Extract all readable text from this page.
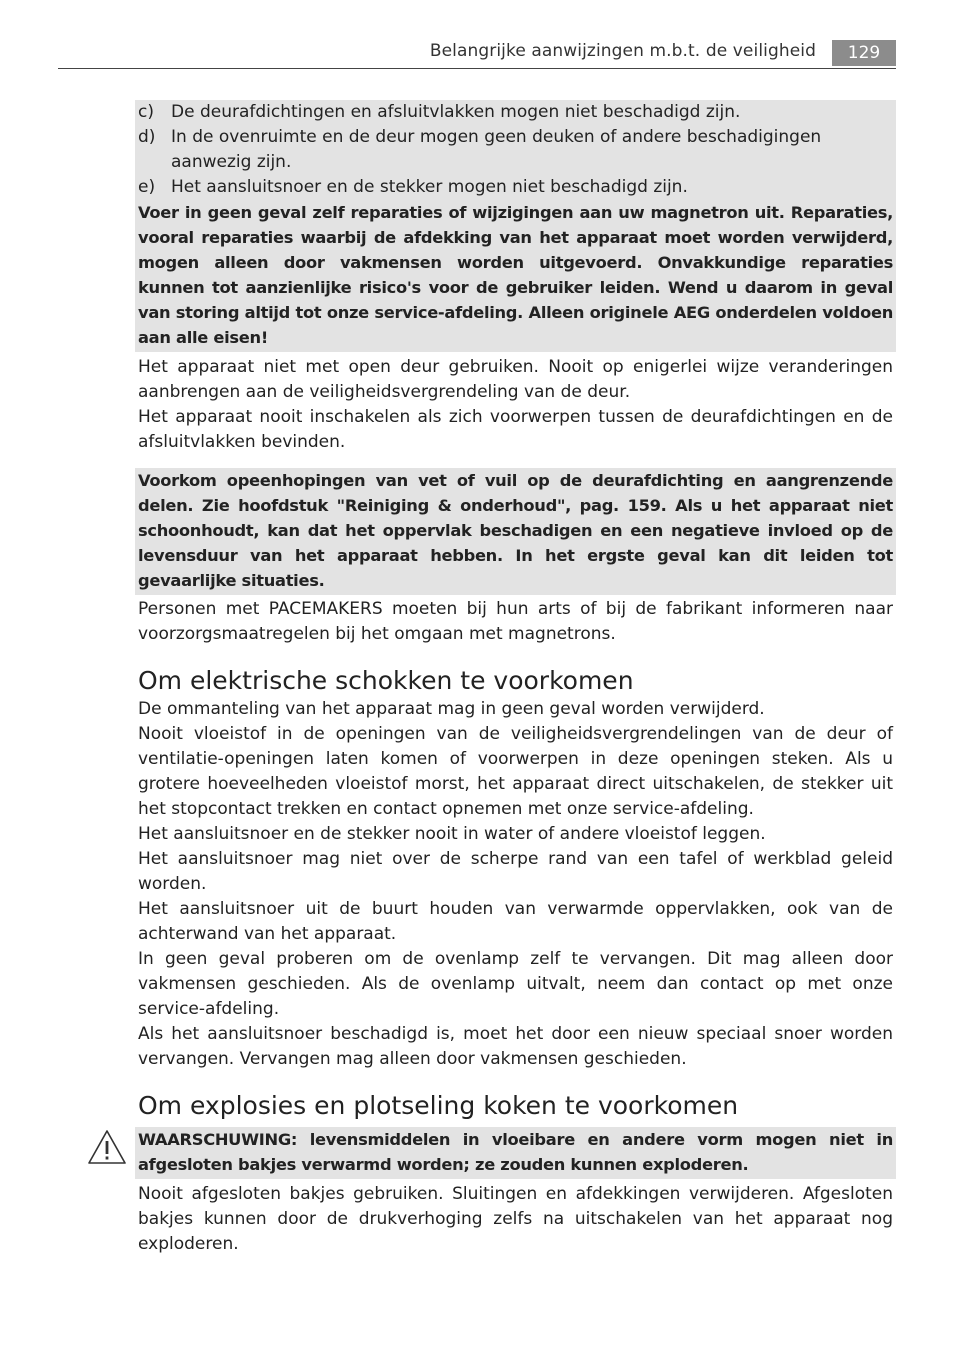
Belangrijke aanwijzingen m.b.t. de veiligheid	129
c)	De deurafdichtingen en afsluitvlakken mogen niet beschadigd zijn.
d) In de ovenruimte en de deur mogen geen deuken of andere beschadigingen aanwezig zijn.
e) Het aansluitsnoer en de stekker mogen niet beschadigd zijn.

Voer in geen geval zelf reparaties of wijzigingen aan uw magnetron uit. Reparaties, vooral reparaties waarbij de afdekking van het apparaat moet worden verwijderd, mogen alleen door vakmensen worden uitgevoerd. Onvakkundige reparaties kunnen tot aanzienlijke risico's voor de gebruiker leiden. Wend u daarom in geval van storing altijd tot onze service-afdeling. Alleen originele AEG onderdelen voldoen aan alle eisen!

Het apparaat niet met open deur gebruiken. Nooit op enigerlei wijze veranderingen aanbrengen aan de veiligheidsvergrendeling van de deur.

Het apparaat nooit inschakelen als zich voorwerpen tussen de deurafdichtingen en de afsluitvlakken bevinden.

Voorkom opeenhopingen van vet of vuil op de deurafdichting en aangrenzende delen. Zie hoofdstuk "Reiniging & onderhoud", pag. 159. Als u het apparaat niet schoonhoudt, kan dat het oppervlak beschadigen en een negatieve invloed op de levensduur van het apparaat hebben. In het ergste geval kan dit leiden tot gevaarlijke situaties.

Personen met PACEMAKERS moeten bij hun arts of bij de fabrikant informeren naar voorzorgsmaatregelen bij het omgaan met magnetrons.

Om elektrische schokken te voorkomen

De ommanteling van het apparaat mag in geen geval worden verwijderd.

Nooit vloeistof in de openingen van de veiligheidsvergrendelingen van de deur of ventilatie-openingen laten komen of voorwerpen in deze openingen steken. Als u grotere hoeveelheden vloeistof morst, het apparaat direct uitschakelen, de stekker uit het stopcontact trekken en contact opnemen met onze service-afdeling.

Het aansluitsnoer en de stekker nooit in water of andere vloeistof leggen.

Het aansluitsnoer mag niet over de scherpe rand van een tafel of werkblad geleid worden.

Het aansluitsnoer uit de buurt houden van verwarmde oppervlakken, ook van de achterwand van het apparaat.

In geen geval proberen om de ovenlamp zelf te vervangen. Dit mag alleen door vakmensen geschieden. Als de ovenlamp uitvalt, neem dan contact op met onze service-afdeling.

Als het aansluitsnoer beschadigd is, moet het door een nieuw speciaal snoer worden vervangen. Vervangen mag alleen door vakmensen geschieden.

Om explosies en plotseling koken te voorkomen

WAARSCHUWING: levensmiddelen in vloeibare en andere vorm mogen niet in afgesloten bakjes verwarmd worden; ze zouden kunnen exploderen.

Nooit afgesloten bakjes gebruiken. Sluitingen en afdekkingen verwijderen. Afgesloten bakjes kunnen door de drukverhoging zelfs na uitschakelen van het apparaat nog exploderen.
